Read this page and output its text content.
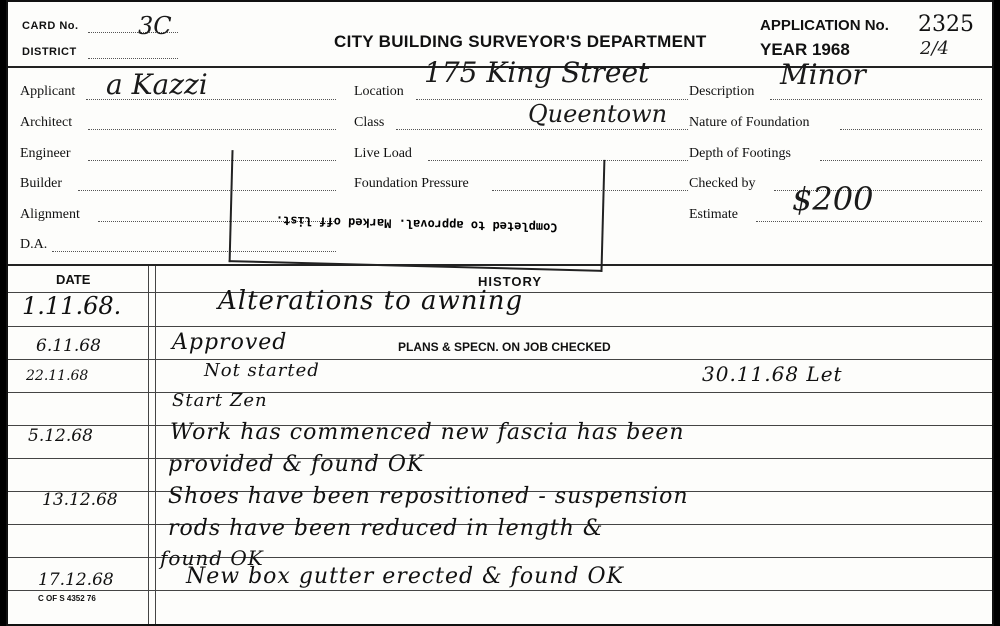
CARD No. 3C
DISTRICT
CITY BUILDING SURVEYOR'S DEPARTMENT
APPLICATION No. 2325
YEAR 1968	2/4
Applicant a Kazzi
Architect
Engineer
Builder
Alignment
D.A.
Location
175 King Street
Queentown
Class
Live Load
Foundation Pressure
Description
Minor
Nature of Foundation
Depth of Footings
Checked by
Estimate $200
Completed to approval. Marked off list.
DATE	HISTORY
1.11.68.	Alterations to awning
6.11.68	Approved	PLANS & SPECN. ON JOB CHECKED
22.11.68	Not started	30.11.68 Let
Start Zen
5.12.68	Work has commenced new fascia has been
provided & found OK
13.12.68 Shoes have been repositioned - suspension
rods have been reduced in length &
found OK
17.12.68	New box gutter erected & found OK
C OF S 4352 76
